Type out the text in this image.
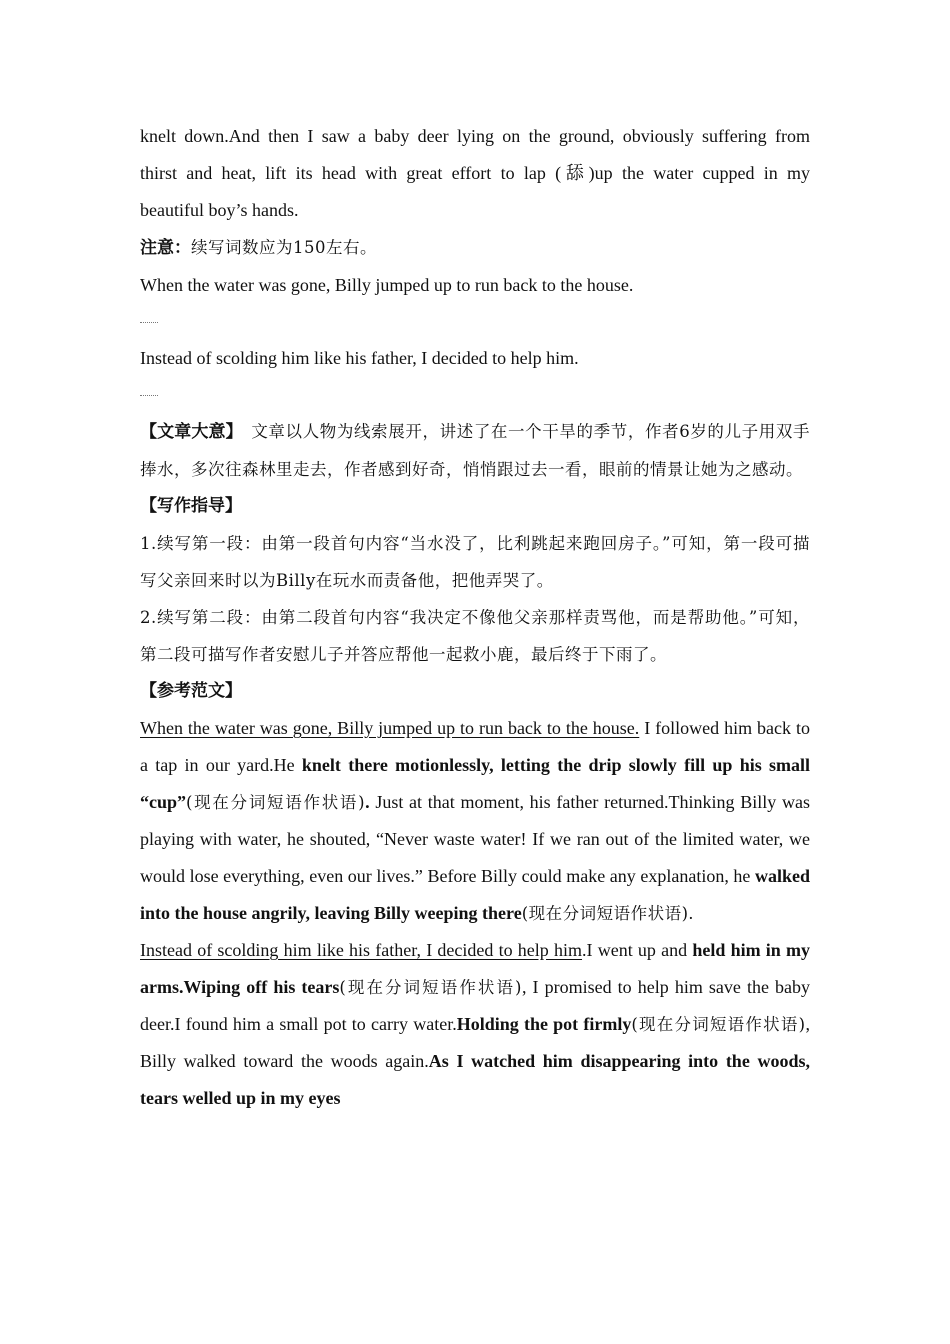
knelt down.And then I saw a baby deer lying on the ground, obviously suffering from

thirst and heat, lift its head with great effort to lap (舔)up the water cupped in my

beautiful boy’s hands.

注意：续写词数应为150左右。

When the water was gone, Billy jumped up to run back to the house.

Instead of scolding him like his father, I decided to help him.

【文章大意】　文章以人物为线索展开，讲述了在一个干旱的季节，作者6岁的儿子用双手捧水，多次往森林里走去，作者感到好奇，悄悄跟过去一看，眼前的情景让她为之感动。

【写作指导】

1.续写第一段：由第一段首句内容“当水没了，比利跳起来跑回房子。”可知，第一段可描写父亲回来时以为Billy在玩水而责备他，把他弄哭了。

2.续写第二段：由第二段首句内容“我决定不像他父亲那样责骂他，而是帮助他。”可知，第二段可描写作者安慰儿子并答应帮他一起救小鹿，最后终于下雨了。

【参考范文】

When the water was gone, Billy jumped up to run back to the house. I followed him back to a tap in our yard.He knelt there motionlessly, letting the drip slowly fill up his small “cup”(现在分词短语作状语). Just at that moment, his father returned.Thinking Billy was playing with water, he shouted, “Never waste water! If we ran out of the limited water, we would lose everything, even our lives.” Before Billy could make any explanation, he walked into the house angrily, leaving Billy weeping there(现在分词短语作状语).

Instead of scolding him like his father, I decided to help him.I went up and held him in my arms.Wiping off his tears(现在分词短语作状语), I promised to help him save the baby deer.I found him a small pot to carry water.Holding the pot firmly(现在分词短语作状语), Billy walked toward the woods again.As I watched him disappearing into the woods, tears welled up in my eyes
